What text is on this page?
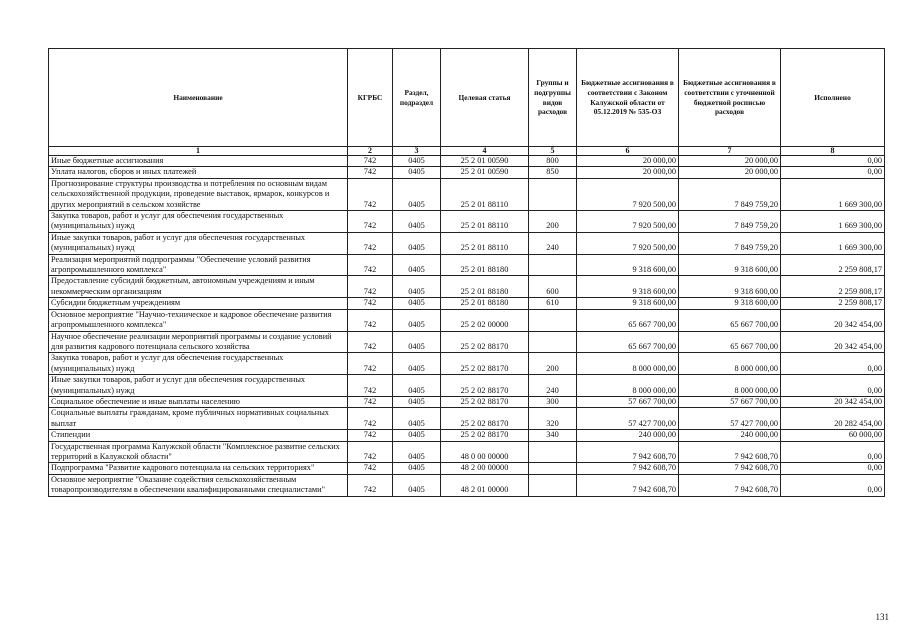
Наименование	КГРБС	Раздел, подраздел	Целевая статья	Группы и подгруппы видов расходов	Бюджетные ассигнования в соответствии с Законом Калужской области от 05.12.2019 № 535-ОЗ	Бюджетные ассигнования в соответствии с уточненной бюджетной росписью расходов	Исполнено
1	2	3	4	5	6	7	8
Иные бюджетные ассигнования	742	0405	25 2 01 00590	800	20 000,00	20 000,00	0,00
Уплата налогов, сборов и иных платежей	742	0405	25 2 01 00590	850	20 000,00	20 000,00	0,00
Прогнозирование структуры производства и потребления по основным видам сельскохозяйственной продукции, проведение выставок, ярмарок, конкурсов и других мероприятий в сельском хозяйстве	742	0405	25 2 01 88110		7 920 500,00	7 849 759,20	1 669 300,00
Закупка товаров, работ и услуг для обеспечения государственных (муниципальных) нужд	742	0405	25 2 01 88110	200	7 920 500,00	7 849 759,20	1 669 300,00
Иные закупки товаров, работ и услуг для обеспечения государственных (муниципальных) нужд	742	0405	25 2 01 88110	240	7 920 500,00	7 849 759,20	1 669 300,00
Реализация мероприятий подпрограммы "Обеспечение условий развития агропромышленного комплекса"	742	0405	25 2 01 88180		9 318 600,00	9 318 600,00	2 259 808,17
Предоставление субсидий бюджетным, автономным учреждениям и иным некоммерческим организациям	742	0405	25 2 01 88180	600	9 318 600,00	9 318 600,00	2 259 808,17
Субсидии бюджетным учреждениям	742	0405	25 2 01 88180	610	9 318 600,00	9 318 600,00	2 259 808,17
Основное мероприятие "Научно-техническое и кадровое обеспечение развития агропромышленного комплекса"	742	0405	25 2 02 00000		65 667 700,00	65 667 700,00	20 342 454,00
Научное обеспечение реализации мероприятий программы и создание условий для развития кадрового потенциала сельского хозяйства	742	0405	25 2 02 88170		65 667 700,00	65 667 700,00	20 342 454,00
Закупка товаров, работ и услуг для обеспечения государственных (муниципальных) нужд	742	0405	25 2 02 88170	200	8 000 000,00	8 000 000,00	0,00
Иные закупки товаров, работ и услуг для обеспечения государственных (муниципальных) нужд	742	0405	25 2 02 88170	240	8 000 000,00	8 000 000,00	0,00
Социальное обеспечение и иные выплаты населению	742	0405	25 2 02 88170	300	57 667 700,00	57 667 700,00	20 342 454,00
Социальные выплаты гражданам, кроме публичных нормативных социальных выплат	742	0405	25 2 02 88170	320	57 427 700,00	57 427 700,00	20 282 454,00
Стипендии	742	0405	25 2 02 88170	340	240 000,00	240 000,00	60 000,00
Государственная программа Калужской области "Комплексное развитие сельских территорий в Калужской области"	742	0405	48 0 00 00000		7 942 608,70	7 942 608,70	0,00
Подпрограмма "Развитие кадрового потенциала на сельских территориях"	742	0405	48 2 00 00000		7 942 608,70	7 942 608,70	0,00
Основное мероприятие "Оказание содействия сельскохозяйственным товаропроизводителям в обеспечении квалифицированными специалистами"	742	0405	48 2 01 00000		7 942 608,70	7 942 608,70	0,00
131
